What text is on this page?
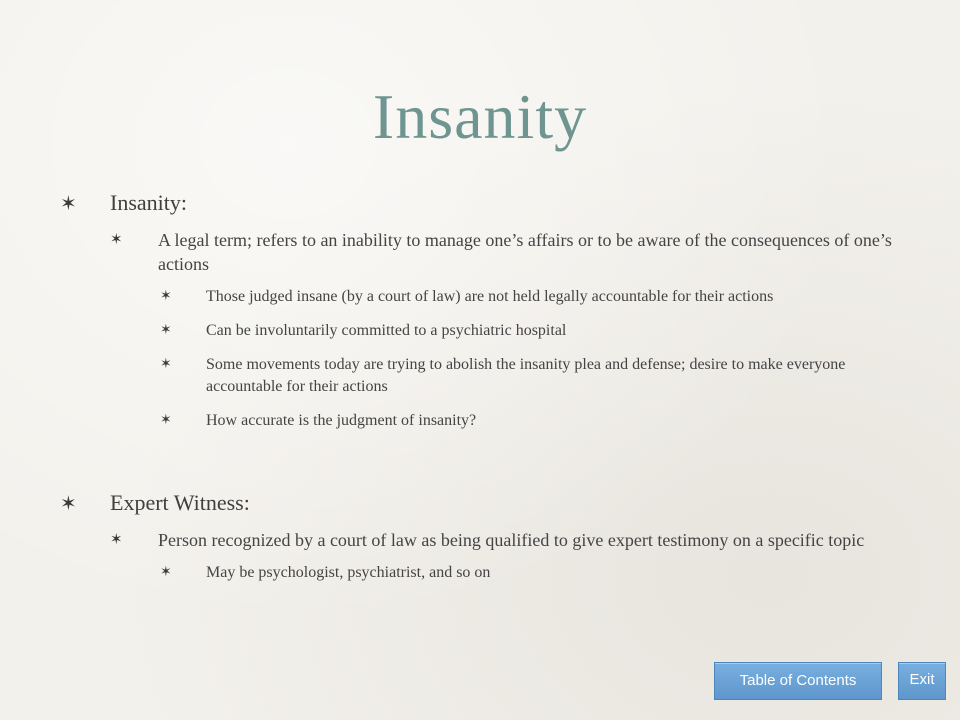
Insanity
✶ Insanity:
✶ A legal term; refers to an inability to manage one’s affairs or to be aware of the consequences of one’s actions
✶ Those judged insane (by a court of law) are not held legally accountable for their actions
✶ Can be involuntarily committed to a psychiatric hospital
✶ Some movements today are trying to abolish the insanity plea and defense; desire to make everyone accountable for their actions
✶ How accurate is the judgment of insanity?
✶ Expert Witness:
✶ Person recognized by a court of law as being qualified to give expert testimony on a specific topic
✶ May be psychologist, psychiatrist, and so on
Table of Contents	Exit
